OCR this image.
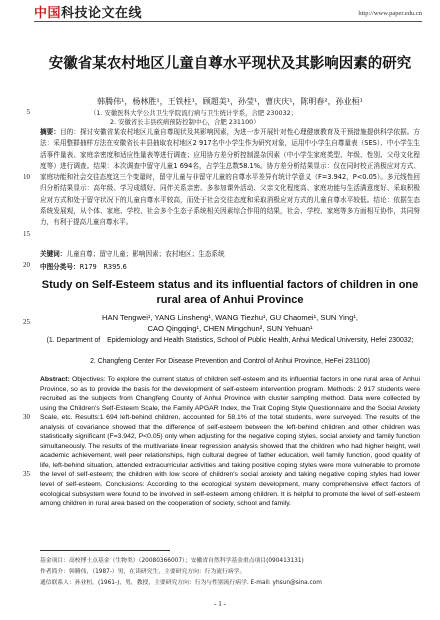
中国科技论文在线	http://www.paper.edu.cn
5
10
15
20
25
30
35
安徽省某农村地区儿童自尊水平现状及其影响因素的研究
韩腾伟¹，杨林胜¹，王铁柱¹，顾超美¹，孙莹¹，曹庆庆¹，陈明春²，孙业桓¹
（1. 安徽医科大学公共卫生学院流行病与卫生统计学系，合肥 230032；
2. 安徽省长丰县疾病预防控制中心，合肥 231100）
摘要：目的：探讨安徽省某农村地区儿童自尊现状及其影响因素，为进一步开展针对性心理健康教育及干预措施提供科学依据。方法：采用整群抽样方法在安徽省长丰县抽取农村地区2 917名中小学生作为研究对象，运用中小学生自尊量表（SES）、中小学生生活事件量表、家庭亲密度和适应性量表等进行调查；应用协方差分析控制混杂因素（中小学生家庭类型、年级、性别、父母文化程度等）进行调查。结果：本次调查中留守儿童1 694名，占学生总数58.1%。协方差分析结果显示：仅在同时校正消极应对方式、家庭功能和社会交往态度这三个变量时，留守儿童与非留守儿童的自尊水平差异有统计学意义（F=3.942，P<0.05）。多元线性回归分析结果显示：高年级、学习成绩好、同伴关系亲密、多参加课外活动、父亲文化程度高、家庭功能与生活满意度好、采取积极应对方式和处于留守状况下的儿童自尊水平较高，而处于社会交往态度和采取消极应对方式的儿童自尊水平较低。结论：依据生态系统发展观，从个体、家庭、学校、社会多个生态子系统相关因素综合作用的结果，社会、学校、家庭等多方面相互协作，共同努力，有利于提高儿童自尊水平。
关键词：儿童自尊；留守儿童；影响因素；农村地区；生态系统
中图分类号：R179　R395.6
Study on Self-Esteem status and its influential factors of children in one rural area of Anhui Province
HAN Tengwei¹, YANG Linsheng¹, WANG Tiezhu¹, GU Chaomei¹, SUN Ying¹,
CAO Qingqing¹, CHEN Mingchun², SUN Yehuan¹
(1. Department of　Epidemiology and Health Statistics, School of Public Health, Anhui Medical University, Hefei 230032;
2. Changfeng Center For Disease Prevention and Control of Anhui Province, HeFei 231100)
Abstract: Objectives: To explore the current status of children self-esteem and its influential factors in one rural area of Anhui Province, so as to provide the basis for the development of self-esteem intervention program. Methods: 2 917 students were recruited as the subjects from Changfeng County of Anhui Province with cluster sampling method. Data were collected by using the Children's Self-Esteem Scale, the Family APGAR Index, the Trait Coping Style Questionnaire and the Social Anxiety Scale, etc. Results:1 694 left-behind children, accounted for 58.1% of the total students, were surveyed. The results of the analysis of covariance showed that the difference of self-esteem between the left-behind children and other children was statistically significant (F=3.942, P<0.05) only when adjusting for the negative coping styles, social anxiety and family function simultaneously. The results of the multivariate linear regression analysis showed that the children who had higher height, well academic achievement, well peer relationships, high cultural degree of father education, well family function, good quality of life, left-behind situation, attended extracurricular activities and taking positive coping styles were more vulnerable to promote the level of self-esteem; the children with low score of children's social anxiety and taking negative coping styles had lower level of self-esteem. Conclusions: According to the ecological system development, many comprehensive effect factors of ecological subsystem were found to be involved in self-esteem among children. It is helpful to promote the level of self-esteem among children in rural area based on the cooperation of society, school and family.
基金项目：高校博士点基金（生物类）（20080366007）；安徽省自然科学基金重点项目(090413131)
作者简介：韩腾伟，（1987-）男，在读研究生，主要研究方向：行为流行病学。
通信联系人：孙业桓，(1961-)，男，教授，主要研究方向：行为与性别流行病学. E-mail: yhsun@sina.com
- 1 -
